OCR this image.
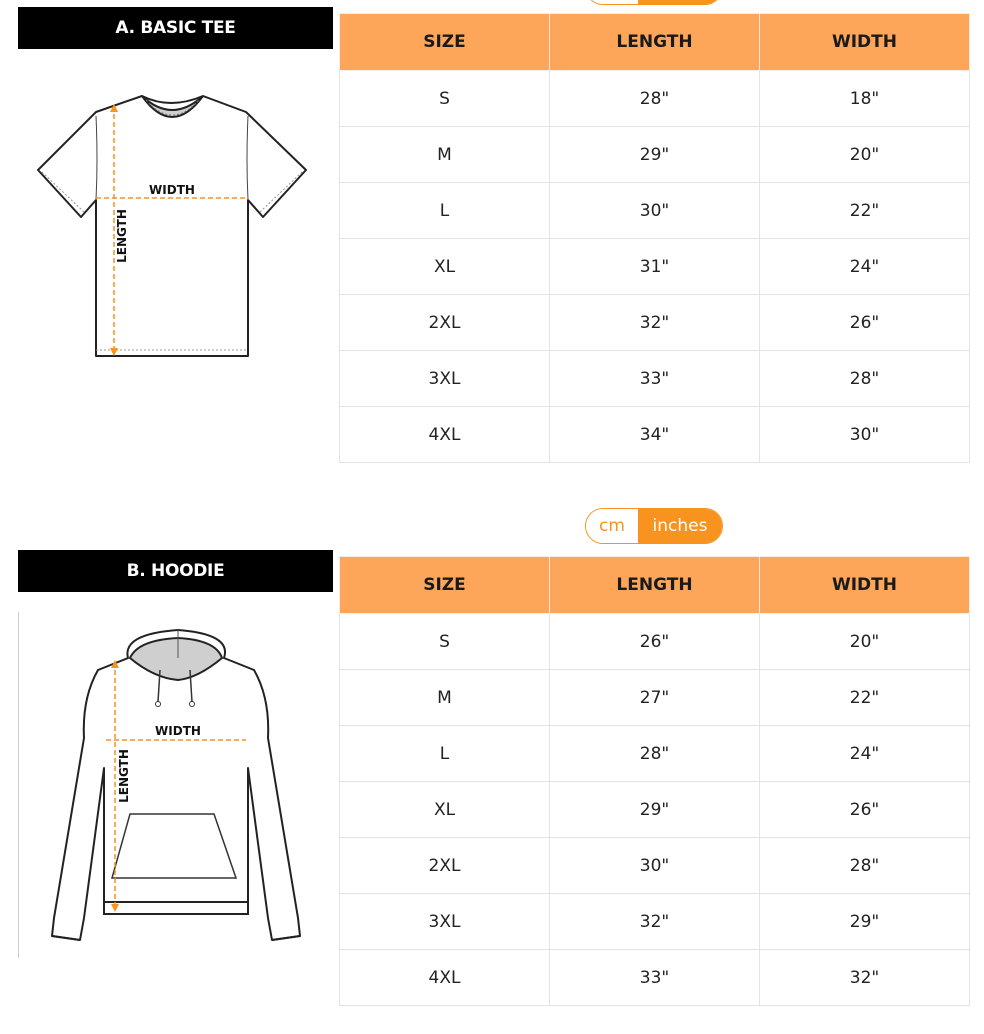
A. BASIC TEE
WIDTH
LENGTH
SIZE	LENGTH	WIDTH
S	28"	18"
M	29"	20"
L	30"	22"
XL	31"	24"
2XL	32"	26"
3XL	33"	28"
4XL	34"	30"
cm	inches
B. HOODIE
WIDTH
LENGTH
SIZE	LENGTH	WIDTH
S	26"	20"
M	27"	22"
L	28"	24"
XL	29"	26"
2XL	30"	28"
3XL	32"	29"
4XL	33"	32"
